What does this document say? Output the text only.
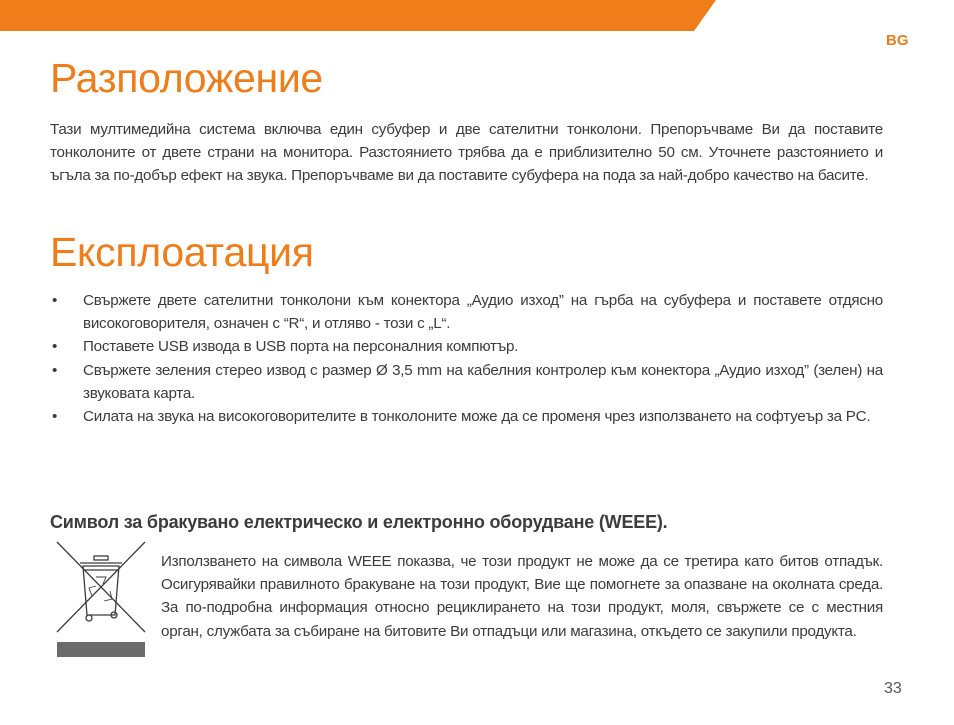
BG
Разположение

Тази мултимедийна система включва един субуфер и две сателитни тонколони. Препоръчваме Ви да поставите тонколоните от двете страни на монитора. Разстоянието трябва да е приблизително 50 см. Уточнете разстоянието и ъгъла за по-добър ефект на звука. Препоръчваме ви да поставите субуфера на пода за най-добро качество на басите.

Експлоатация
• Свържете двете сателитни тонколони към конектора „Аудио изход” на гърба на субуфера и поставете отдясно високоговорителя, означен с “R“, и отляво - този с „L“.
• Поставете USB извода в USB порта на персоналния компютър.
• Свържете зеления стерео извод с размер Ø 3,5 mm на кабелния контролер към конектора „Аудио изход” (зелен) на звуковата карта.
• Силата на звука на високоговорителите в тонколоните може да се променя чрез използването на софтуеър за PC.
Символ за бракувано електрическо и електронно оборудване (WEEE).

Използването на символа WEEE показва, че този продукт не може да се третира като битов отпадък. Осигурявайки правилното бракуване на този продукт, Вие ще помогнете за опазване на околната среда. За по-подробна информация относно рециклирането на този продукт, моля, свържете се с местния орган, службата за събиране на битовите Ви отпадъци или магазина, откъдето се закупили продукта.

33
